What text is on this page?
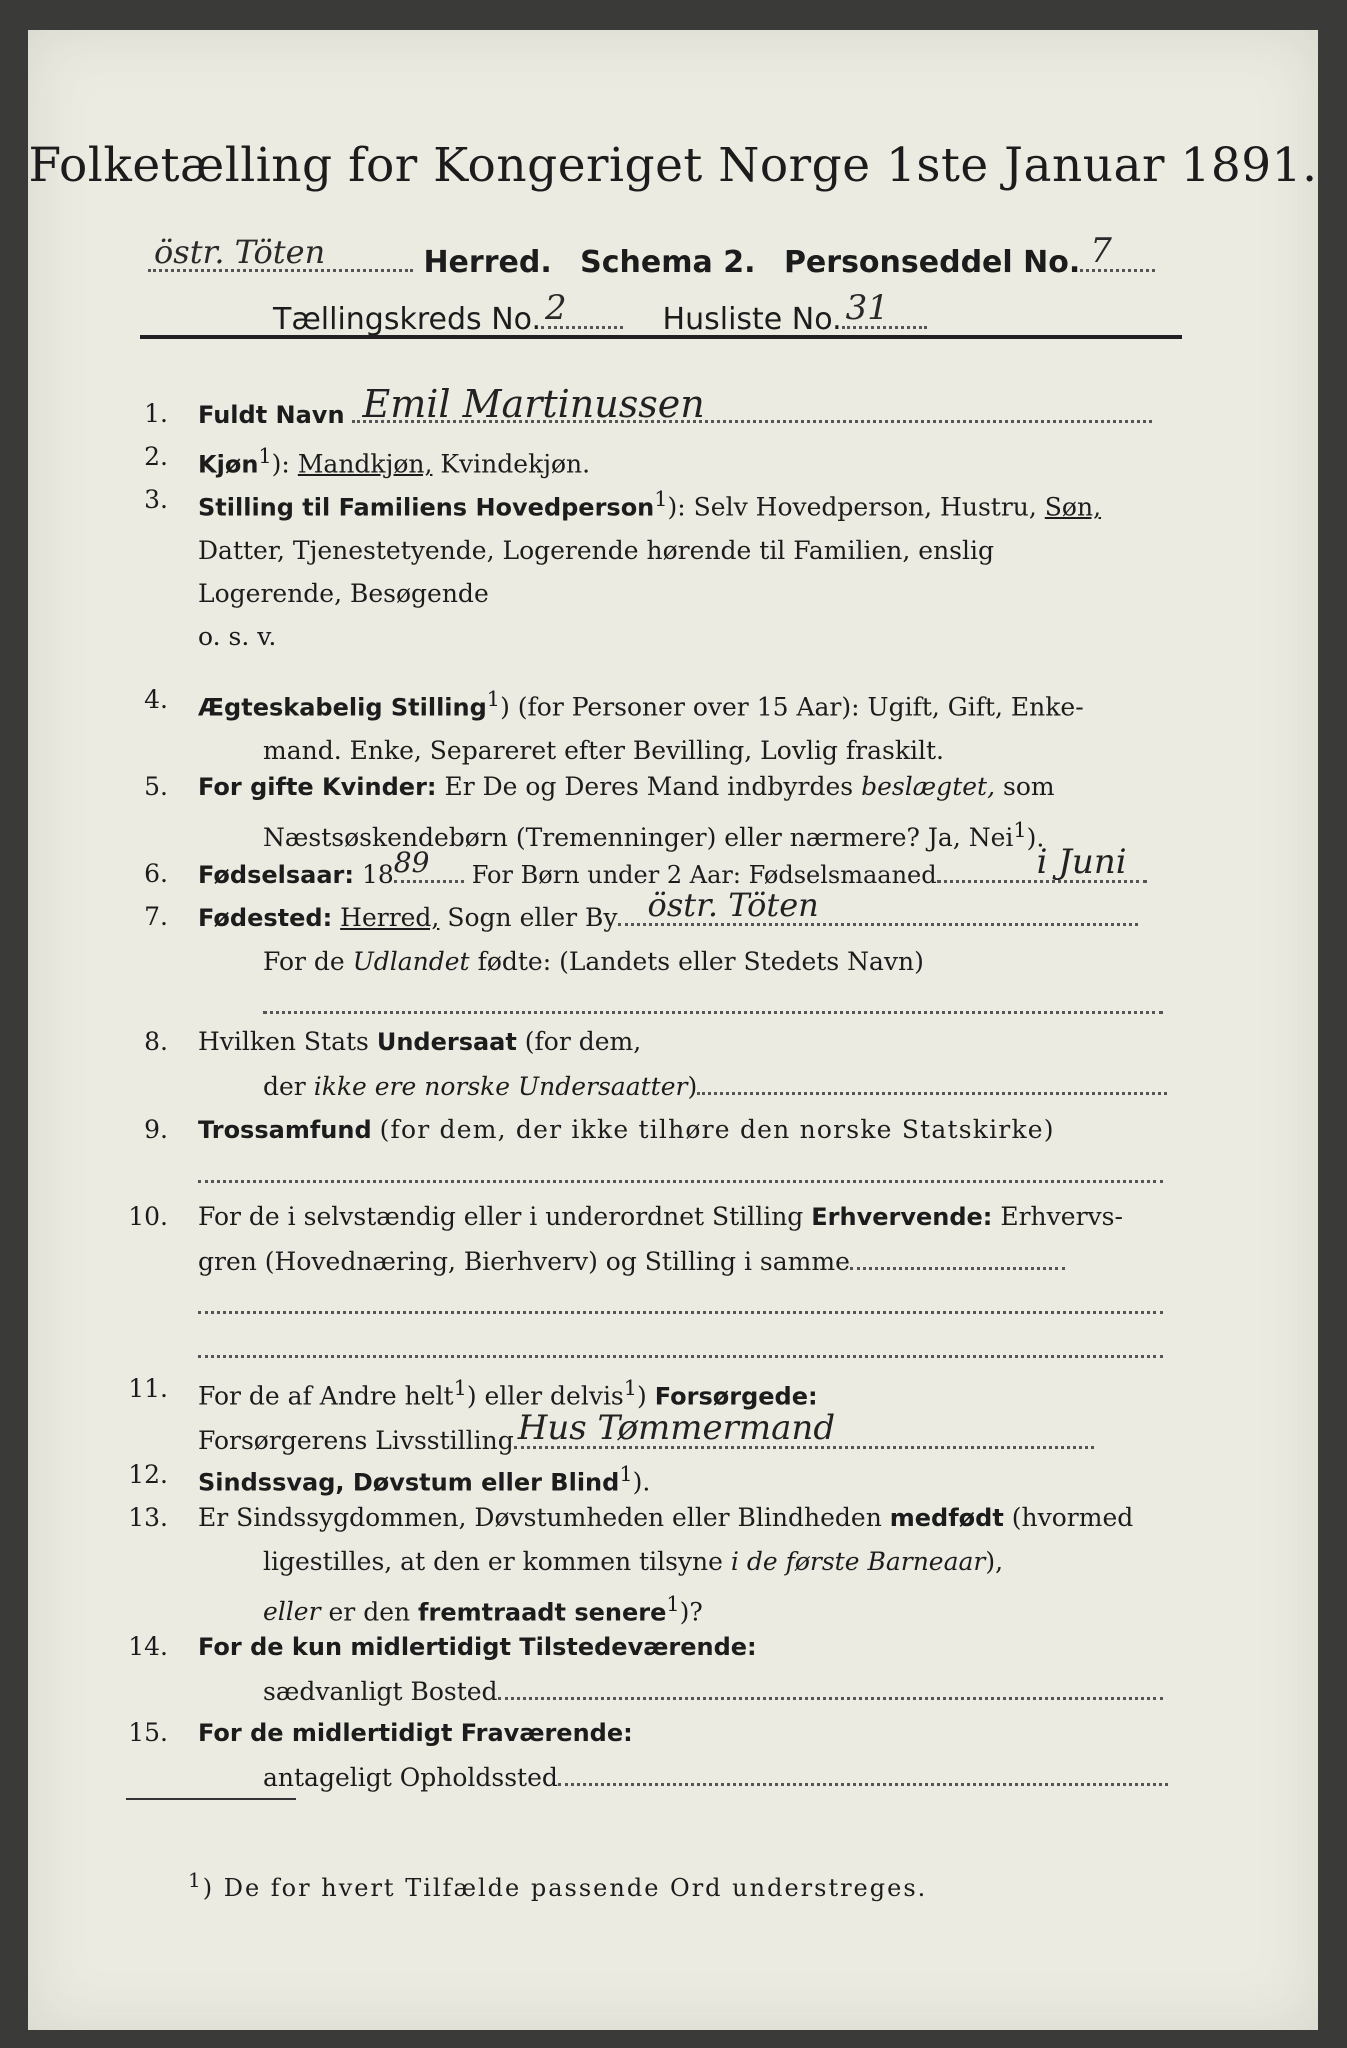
Folketælling for Kongeriget Norge 1ste Januar 1891.
östr. Töten	Herred. Schema 2. Personseddel No. 7
Tællingskreds No. 2	Husliste No. 31
1. Fuldt Navn Emil Martinussen
2. Kjøn$^1$): Mandkjøn, Kvindekjøn.
3. Stilling til Familiens Hovedperson$^1$): Selv Hovedperson, Hustru, Søn,
Datter, Tjenestetyende, Logerende hørende til Familien, enslig
Logerende, Besøgende
o. s. v.
4. Ægteskabelig Stilling$^1$) (for Personer over 15 Aar): Ugift, Gift, Enke-
mand. Enke, Separeret efter Bevilling, Lovlig fraskilt.
5. For gifte Kvinder: Er De og Deres Mand indbyrdes beslægtet, som
Næstsøskendebørn (Tremenninger) eller nærmere? Ja, Nei$^1$).
6. Fødselsaar: 18 89 For Børn under 2 Aar: Fødselsmaaned	i Juni
7. Fødested: Herred, Sogn eller By östr. Töten

For de Udlandet fødte: (Landets eller Stedets Navn)

8. Hvilken Stats Undersaat (for dem,
der ikke ere norske Undersaatter)
9. Trossamfund (for dem, der ikke tilhøre den norske Statskirke)

10. For de i selvstændig eller i underordnet Stilling Erhvervende: Erhvervs-
gren (Hovednæring, Bierhverv) og Stilling i samme

11. For de af Andre helt$^1$) eller delvis$^1$) Forsørgede:
Forsørgerens Livsstilling Hus Tømmermand
12. Sindssvag, Døvstum eller Blind$^1$).
13. Er Sindssygdommen, Døvstumheden eller Blindheden medfødt (hvormed
ligestilles, at den er kommen tilsyne i de første Barneaar),
eller er den fremtraadt senere$^1$)?
14. For de kun midlertidigt Tilstedeværende:
sædvanligt Bosted
15. For de midlertidigt Fraværende:
antageligt Opholdssted
$^1$) De for hvert Tilfælde passende Ord understreges.
